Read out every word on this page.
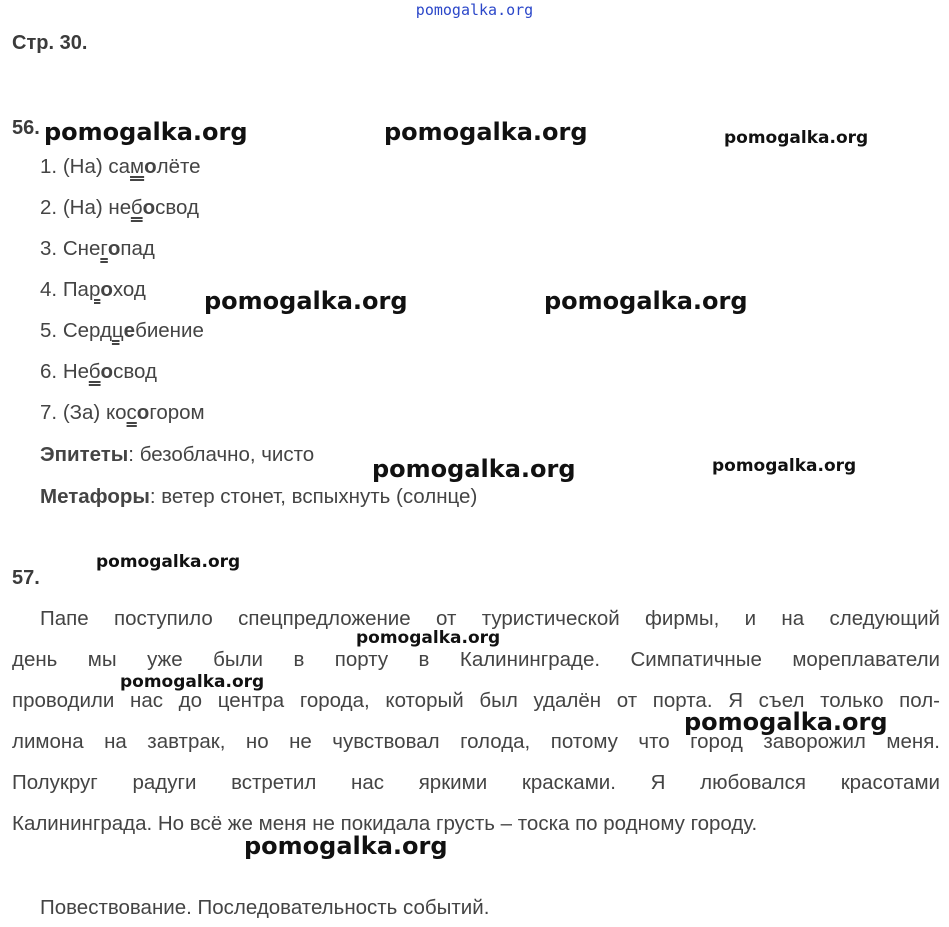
pomogalka.org
Стр. 30.
56.
1. (На) самолёте
2. (На) небосвод
3. Снегопад
4. Пароход
5. Сердцебиение
6. Небосвод
7. (За) косогором
Эпитеты: безоблачно, чисто
Метафоры: ветер стонет, вспыхнуть (солнце)
57.
Папе поступило спецпредложение от туристической фирмы, и на следующий
день мы уже были в порту в Калининграде. Симпатичные мореплаватели
проводили нас до центра города, который был удалён от порта. Я съел только пол-
лимона на завтрак, но не чувствовал голода, потому что город заворожил меня.
Полукруг радуги встретил нас яркими красками. Я любовался красотами
Калининграда. Но всё же меня не покидала грусть – тоска по родному городу.
Повествование. Последовательность событий.
pomogalka.org	pomogalka.org	pomogalka.org
pomogalka.org	pomogalka.org
pomogalka.org	pomogalka.org
pomogalka.org
pomogalka.org
pomogalka.org
pomogalka.org
pomogalka.org
